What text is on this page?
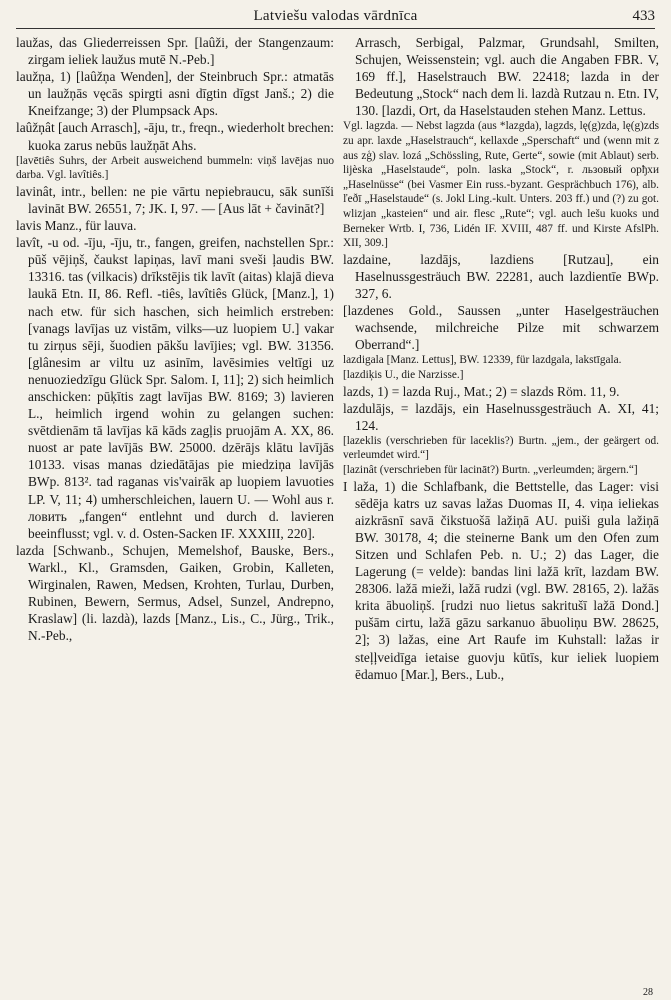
Latviešu valodas vārdnīca	433

laužas, das Gliederreissen Spr. [laûži, der Stangenzaum: zirgam ieliek laužus mutē N.-Peb.]

laužņa, 1) [laûžņa Wenden], der Steinbruch Spr.: atmatās un laužņās vęcās spirgti asni dīgtin dīgst Janš.; 2) die Kneifzange; 3) der Plumpsack Aps.

laûžņât [auch Arrasch], -āju, tr., freqn., wiederholt brechen: kuoka zarus nebūs laužņāt Ahs.

[lavētiês Suhrs, der Arbeit ausweichend bummeln: viņš lavējas nuo darba. Vgl. lavîtiês.]

lavinât, intr., bellen: ne pie vārtu nepiebraucu, sāk sunīši lavināt BW. 26551, 7; JK. I, 97. — [Aus lāt + čavināt?]

lavis Manz., für lauva.

lavît, -u od. -īju, -īju, tr., fangen, greifen, nachstellen Spr.: pūš vējiņš, čaukst lapiņas, lavī mani sveši ļaudis BW. 13316. tas (vilkacis) drīkstējis tik lavīt (aitas) klajā dieva laukā Etn. II, 86. Refl. -tiês, lavîtiês Glück, [Manz.], 1) nach etw. für sich haschen, sich heimlich erstreben: [vanags lavījas uz vistām, vilks—uz luopiem U.] vakar tu zirņus sēji, šuodien pākšu lavījies; vgl. BW. 31356. [glânesim ar viltu uz asinīm, lavēsimies veltīgi uz nenuoziedzīgu Glück Spr. Salom. I, 11]; 2) sich heimlich anschicken: pūķītis zagt lavījas BW. 8169; 3) lavieren L., heimlich irgend wohin zu gelangen suchen: svētdienām tā lavījas kā kāds zagļis pruojām A. XX, 86. nuost ar pate lavījās BW. 25000. dzērājs klātu lavījās 10133. visas manas dziedātājas pie miedziņa lavījās BWp. 813². tad raganas vis'vairāk ap luopiem lavuoties LP. V, 11; 4) umherschleichen, lauern U. — Wohl aus r. ловить „fangen“ entlehnt und durch d. lavieren beeinflusst; vgl. v. d. Osten-Sacken IF. XXXIII, 220].

lazda [Schwanb., Schujen, Memelshof, Bauske, Bers., Warkl., Kl., Gramsden, Gaiken, Grobin, Kalleten, Wirginalen, Rawen, Medsen, Krohten, Turlau, Durben, Rubinen, Bewern, Sermus, Adsel, Sunzel, Andrepno, Kraslaw] (li. lazdà), lazds [Manz., Lis., C., Jürg., Trik., N.-Peb.,

Arrasch, Serbigal, Palzmar, Grundsahl, Smilten, Schujen, Weissenstein; vgl. auch die Angaben FBR. V, 169 ff.], Haselstrauch BW. 22418; lazda in der Bedeutung „Stock“ nach dem li. lazdà Rutzau n. Etn. IV, 130. [lazdi, Ort, da Haselstauden stehen Manz. Lettus.

Vgl. lagzda. — Nebst lagzda (aus *lazgda), lagzds, lę(g)zda, lę(g)zds zu apr. laxde „Haselstrauch“, kellaxde „Sperschaft“ und (wenn mit z aus zģ) slav. lozá „Schössling, Rute, Gerte“, sowie (mit Ablaut) serb. lijèska „Haselstaude“, poln. laska „Stock“, r. льзовый орђхи „Haselnüsse“ (bei Vasmer Ein russ.-byzant. Gesprächbuch 176), alb. ľeðī „Haselstaude“ (s. Jokl Ling.-kult. Unters. 203 ff.) und (?) zu got. wlizjan „kasteien“ und air. flesc „Rute“; vgl. auch lešu kuoks und Berneker Wrtb. I, 736, Lidén IF. XVIII, 487 ff. und Kirste AfslPh. XII, 309.]

lazdaine, lazdājs, lazdiens [Rutzau], ein Haselnussgesträuch BW. 22281, auch lazdientīe BWp. 327, 6.

[lazdenes Gold., Saussen „unter Haselgesträuchen wachsende, milchreiche Pilze mit schwarzem Oberrand“.]

lazdigala [Manz. Lettus], BW. 12339, für lazdgala, lakstīgala.

[lazdiķis U., die Narzisse.]

lazds, 1) = lazda Ruj., Mat.; 2) = slazds Röm. 11, 9.

lazdulājs, = lazdājs, ein Haselnussgesträuch A. XI, 41; 124.

[lazeklis (verschrieben für laceklis?) Burtn. „jem., der geärgert od. verleumdet wird.“]

[lazinât (verschrieben für lacināt?) Burtn. „verleumden; ärgern.“]

I laža, 1) die Schlafbank, die Bettstelle, das Lager: visi sēdēja katrs uz savas lažas Duomas II, 4. viņa ieliekas aizkrāsnī savā čikstuošā lažiņā AU. puiši gula lažiņā BW. 30178, 4; die steinerne Bank um den Ofen zum Sitzen und Schlafen Peb. n. U.; 2) das Lager, die Lagerung (= velde): bandas lini lažā krīt, lazdam BW. 28306. lažā mieži, lažā rudzi (vgl. BW. 28165, 2). lažās krita ābuoliņš. [rudzi nuo lietus sakritušī lažā Dond.] pušām cirtu, lažā gāzu sarkanuo ābuoliņu BW. 28625, 2]; 3) lažas, eine Art Raufe im Kuhstall: lažas ir steļļveidīga ietaise guovju kūtīs, kur ieliek luopiem ēdamuo [Mar.], Bers., Lub.,

28
